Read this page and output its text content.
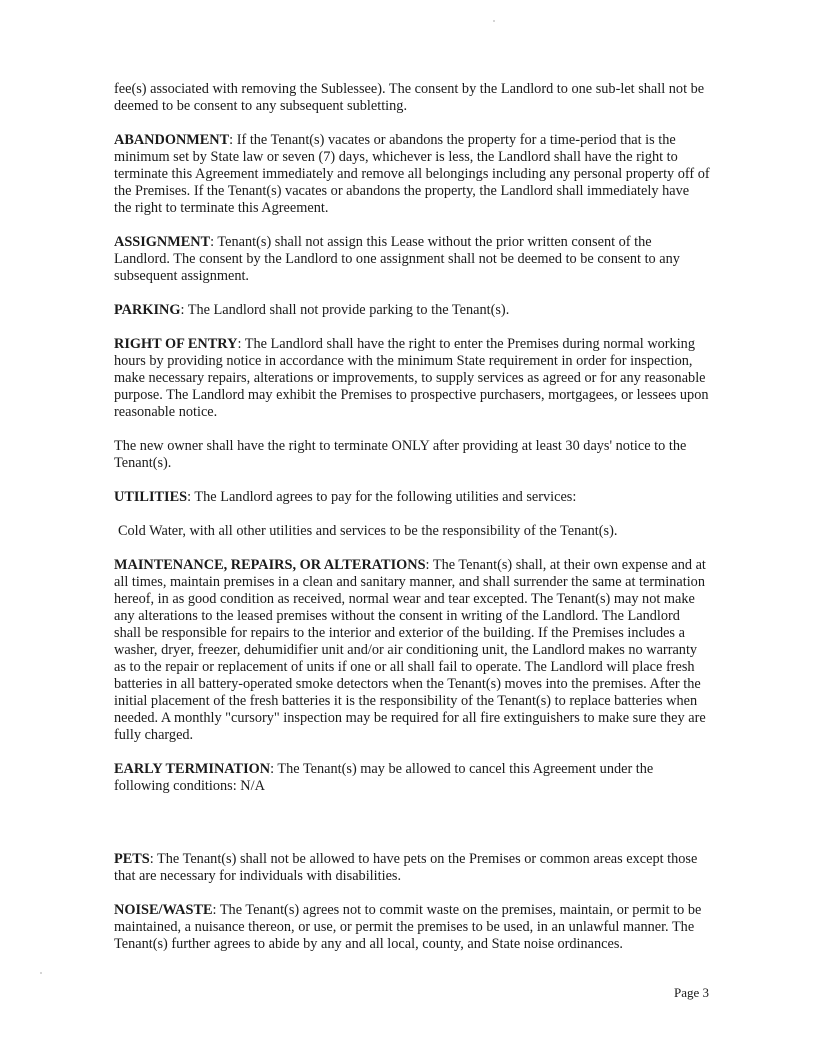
fee(s) associated with removing the Sublessee). The consent by the Landlord to one sub-let shall not be deemed to be consent to any subsequent subletting.

ABANDONMENT: If the Tenant(s) vacates or abandons the property for a time-period that is the minimum set by State law or seven (7) days, whichever is less, the Landlord shall have the right to terminate this Agreement immediately and remove all belongings including any personal property off of the Premises. If the Tenant(s) vacates or abandons the property, the Landlord shall immediately have the right to terminate this Agreement.

ASSIGNMENT: Tenant(s) shall not assign this Lease without the prior written consent of the Landlord. The consent by the Landlord to one assignment shall not be deemed to be consent to any subsequent assignment.

PARKING: The Landlord shall not provide parking to the Tenant(s).

RIGHT OF ENTRY: The Landlord shall have the right to enter the Premises during normal working hours by providing notice in accordance with the minimum State requirement in order for inspection, make necessary repairs, alterations or improvements, to supply services as agreed or for any reasonable purpose. The Landlord may exhibit the Premises to prospective purchasers, mortgagees, or lessees upon reasonable notice.

The new owner shall have the right to terminate ONLY after providing at least 30 days' notice to the Tenant(s).

UTILITIES: The Landlord agrees to pay for the following utilities and services:

Cold Water, with all other utilities and services to be the responsibility of the Tenant(s).

MAINTENANCE, REPAIRS, OR ALTERATIONS: The Tenant(s) shall, at their own expense and at all times, maintain premises in a clean and sanitary manner, and shall surrender the same at termination hereof, in as good condition as received, normal wear and tear excepted. The Tenant(s) may not make any alterations to the leased premises without the consent in writing of the Landlord. The Landlord shall be responsible for repairs to the interior and exterior of the building. If the Premises includes a washer, dryer, freezer, dehumidifier unit and/or air conditioning unit, the Landlord makes no warranty as to the repair or replacement of units if one or all shall fail to operate. The Landlord will place fresh batteries in all battery-operated smoke detectors when the Tenant(s) moves into the premises. After the initial placement of the fresh batteries it is the responsibility of the Tenant(s) to replace batteries when needed. A monthly "cursory" inspection may be required for all fire extinguishers to make sure they are fully charged.

EARLY TERMINATION: The Tenant(s) may be allowed to cancel this Agreement under the following conditions: N/A

PETS: The Tenant(s) shall not be allowed to have pets on the Premises or common areas except those that are necessary for individuals with disabilities.

NOISE/WASTE: The Tenant(s) agrees not to commit waste on the premises, maintain, or permit to be maintained, a nuisance thereon, or use, or permit the premises to be used, in an unlawful manner. The Tenant(s) further agrees to abide by any and all local, county, and State noise ordinances.

Page 3
